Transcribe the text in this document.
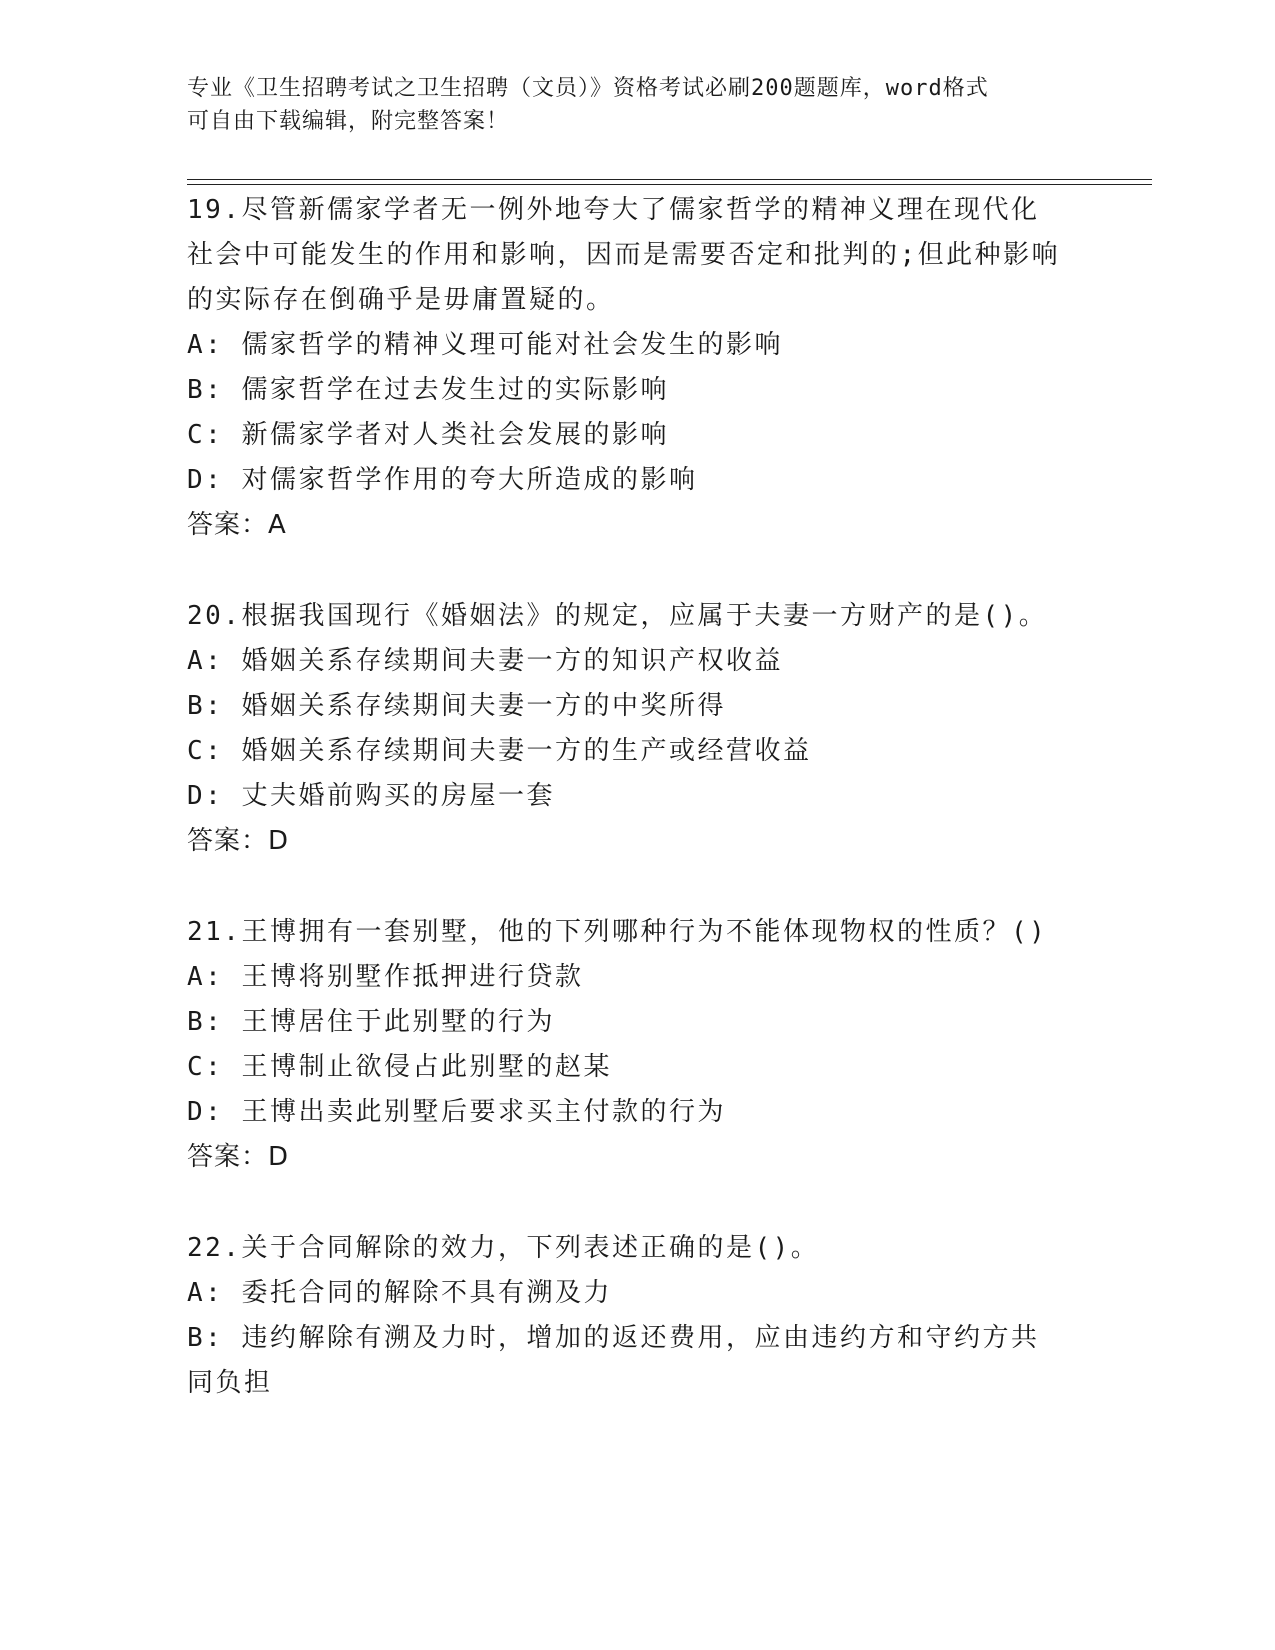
专业《卫生招聘考试之卫生招聘（文员）》资格考试必刷200题题库，word格式
可自由下载编辑，附完整答案！

19.尽管新儒家学者无一例外地夸大了儒家哲学的精神义理在现代化社会中可能发生的作用和影响，因而是需要否定和批判的;但此种影响的实际存在倒确乎是毋庸置疑的。

A: 儒家哲学的精神义理可能对社会发生的影响

B: 儒家哲学在过去发生过的实际影响

C: 新儒家学者对人类社会发展的影响

D: 对儒家哲学作用的夸大所造成的影响

答案：A

20.根据我国现行《婚姻法》的规定，应属于夫妻一方财产的是()。

A: 婚姻关系存续期间夫妻一方的知识产权收益

B: 婚姻关系存续期间夫妻一方的中奖所得

C: 婚姻关系存续期间夫妻一方的生产或经营收益

D: 丈夫婚前购买的房屋一套

答案：D

21.王博拥有一套别墅，他的下列哪种行为不能体现物权的性质？()

A: 王博将别墅作抵押进行贷款

B: 王博居住于此别墅的行为

C: 王博制止欲侵占此别墅的赵某

D: 王博出卖此别墅后要求买主付款的行为

答案：D

22.关于合同解除的效力，下列表述正确的是()。

A: 委托合同的解除不具有溯及力

B: 违约解除有溯及力时，增加的返还费用，应由违约方和守约方共同负担
